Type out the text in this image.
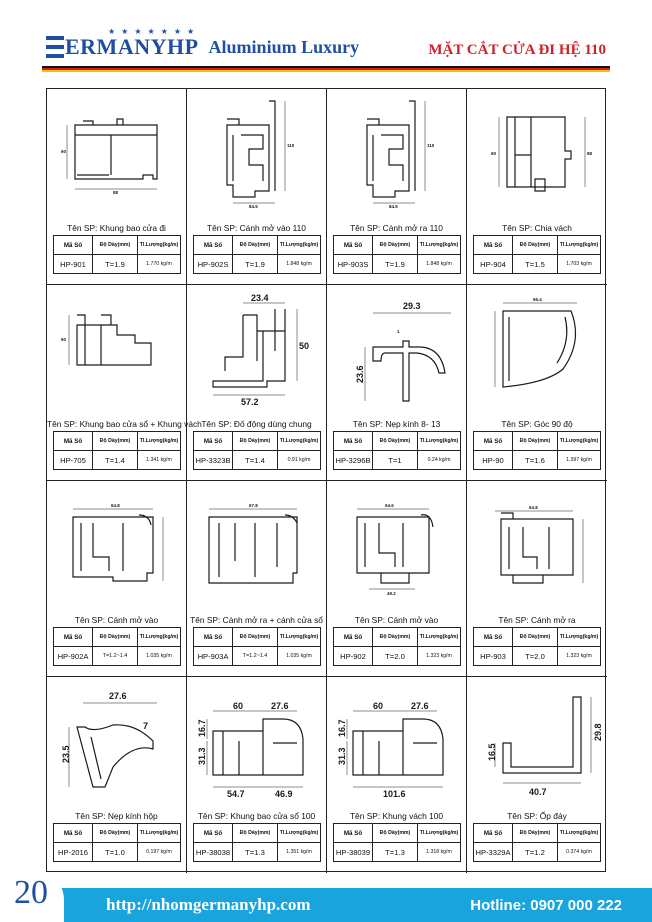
ERMANYHP
★★★★★★★
Aluminium Luxury	MẶT CẮT CỬA ĐI HỆ 110
88
60
Tên SP: Khung bao cửa đi
Mã Số	Độ Dày(mm)	Tl.Lượng(kg/m)
HP-901	T=1.9	1.770 kg/m
84.5
110
Tên SP: Cánh mở vào 110
Mã Số	Độ Dày(mm)	Tl.Lượng(kg/m)
HP-902S	T=1.9	1.848 kg/m
84.5
110
Tên SP: Cánh mở ra 110
Mã Số	Độ Dày(mm)	Tl.Lượng(kg/m)
HP-903S	T=1.9	1.848 kg/m
60	88
Tên SP: Chia vách
Mã Số	Độ Dày(mm)	Tl.Lượng(kg/m)
HP-904	T=1.5	1.703 kg/m
60
Tên SP: Khung bao cửa sổ + Khung vách
Mã Số	Độ Dày(mm)	Tl.Lượng(kg/m)
HP-705	T=1.4	1.341 kg/m
23.4
50
57.2
Tên SP: Đố động dùng chung
Mã Số	Độ Dày(mm)	Tl.Lượng(kg/m)
HP-3323B	T=1.4	0.91 kg/m
29.3
23.6
1
Tên SP: Nẹp kính 8- 13
Mã Số	Độ Dày(mm)	Tl.Lượng(kg/m)
HP-3296B	T=1	0.24 kg/m
66.4
Tên SP: Góc 90 độ
Mã Số	Độ Dày(mm)	Tl.Lượng(kg/m)
HP-90	T=1.6	1.397 kg/m
64.8
Tên SP: Cánh mở vào
Mã Số	Độ Dày(mm)	Tl.Lượng(kg/m)
HP-902A	T=1.2~1.4	1.035 kg/m
67.8
Tên SP: Cánh mở ra + cánh cửa sổ
Mã Số	Độ Dày(mm)	Tl.Lượng(kg/m)
HP-903A	T=1.2~1.4	1.035 kg/m
64.6
49.2
Tên SP: Cánh mở vào
Mã Số	Độ Dày(mm)	Tl.Lượng(kg/m)
HP-902	T=2.0	1.323 kg/m
64.8
Tên SP: Cánh mở ra
Mã Số	Độ Dày(mm)	Tl.Lượng(kg/m)
HP-903	T=2.0	1.323 kg/m
27.6
23.5
7
Tên SP: Nẹp kính hộp
Mã Số	Độ Dày(mm)	Tl.Lượng(kg/m)
HP-2016	T=1.0	0.197 kg/m
60	27.6
16.7
31.3
54.7	46.9
Tên SP: Khung bao cửa sổ 100
Mã Số	Độ Dày(mm)	Tl.Lượng(kg/m)
HP-38038	T=1.3	1.351 kg/m
60	27.6
16.7
31.3
101.6
Tên SP: Khung vách 100
Mã Số	Độ Dày(mm)	Tl.Lượng(kg/m)
HP-38039	T=1.3	1.318 kg/m
16.5
29.8
40.7
Tên SP: Ốp đáy
Mã Số	Độ Dày(mm)	Tl.Lượng(kg/m)
HP-3329A	T=1.2	0.374 kg/m
20	http://nhomgermanyhp.com	Hotline: 0907 000 222
